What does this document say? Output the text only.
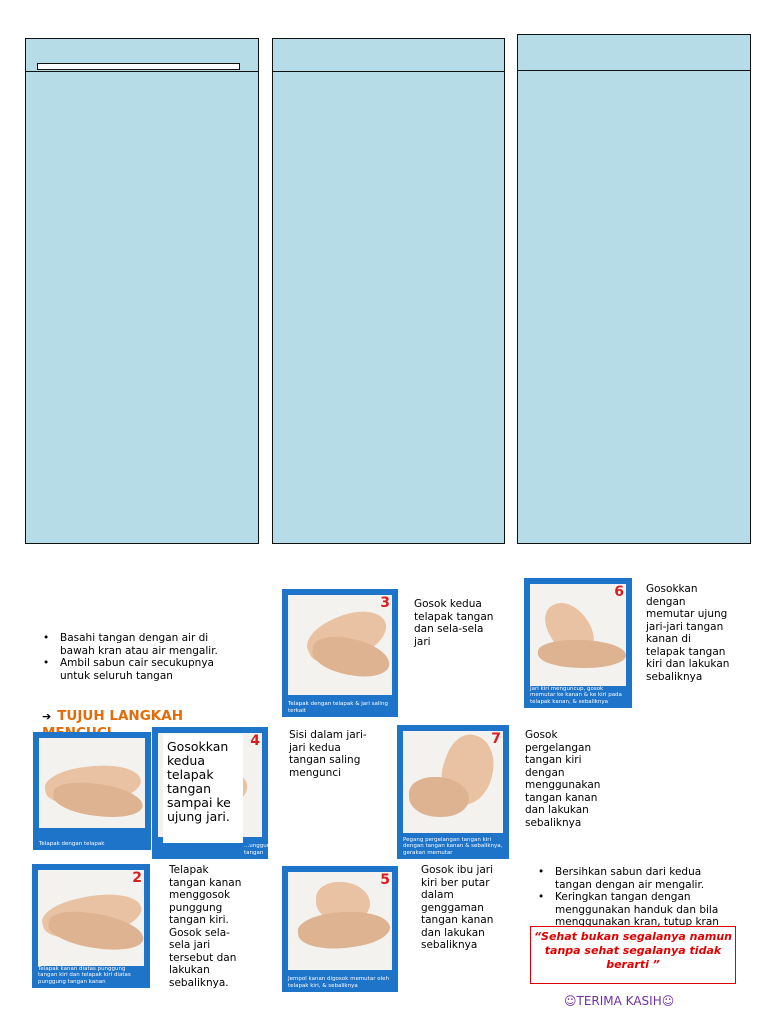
• Basahi tangan dengan air di bawah kran atau air mengalir.
• Ambil sabun cair secukupnya untuk seluruh tangan
➔ TUJUH LANGKAH
Telapak dengan telapak
4
...unggung tangan
Gosokkan kedua telapak tangan sampai ke ujung jari.
2
Telapak kanan diatas punggung tangan kiri dan telapak kiri diatas punggung tangan kanan
Telapak tangan kanan menggosok punggung tangan kiri. Gosok sela-sela jari tersebut dan lakukan sebaliknya.
3
Telapak dengan telapak & jari saling terkait
Gosok kedua telapak tangan dan sela-sela jari
Sisi dalam jari-jari kedua tangan saling mengunci
5
Jempol kanan digosok memutar oleh telapak kiri, & sebaliknya
Gosok ibu jari kiri ber putar dalam genggaman tangan kanan dan lakukan sebaliknya
6
Jari kiri menguncup, gosok memutar ke kanan & ke kiri pada telapak kanan, & sebaliknya
Gosokkan dengan memutar ujung jari-jari tangan kanan di telapak tangan kiri dan lakukan sebaliknya
7
Pegang pergelangan tangan kiri dengan tangan kanan & sebaliknya, gerakan memutar
Gosok pergelangan tangan kiri dengan menggunakan tangan kanan dan lakukan sebaliknya
• Bersihkan sabun dari kedua tangan dengan air mengalir.
• Keringkan tangan dengan menggunakan handuk dan bila menggunakan kran, tutup kran
“Sehat bukan segalanya namun tanpa sehat segalanya tidak berarti ”
☺TERIMA KASIH☺
